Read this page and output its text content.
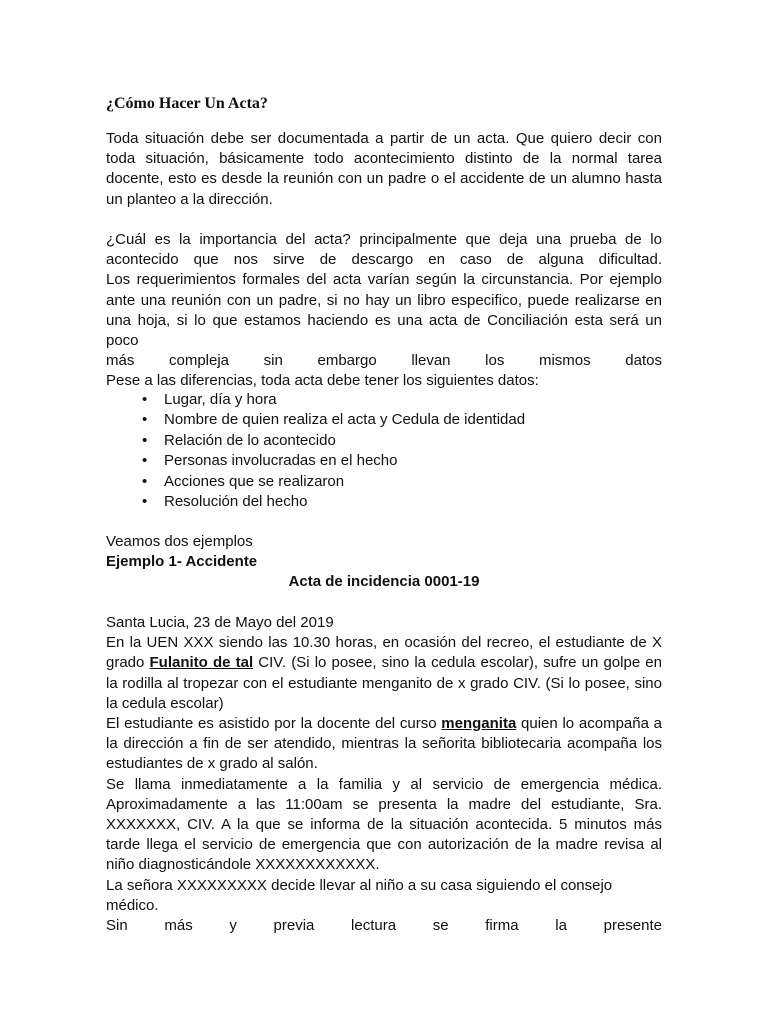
¿Cómo Hacer Un Acta?

Toda situación debe ser documentada a partir de un acta. Que quiero decir con toda situación, básicamente todo acontecimiento distinto de la normal tarea docente, esto es desde la reunión con un padre o el accidente de un alumno hasta un planteo a la dirección.

¿Cuál es la importancia del acta? principalmente que deja una prueba de lo
acontecido que nos sirve de descargo en caso de alguna dificultad.
Los requerimientos formales del acta varían según la circunstancia. Por ejemplo
ante una reunión con un padre, si no hay un libro especifico, puede realizarse en
una hoja, si lo que estamos haciendo es una acta de Conciliación esta será un poco
más compleja sin embargo llevan los mismos datos
Pese a las diferencias, toda acta debe tener los siguientes datos:
• Lugar, día y hora
• Nombre de quien realiza el acta y Cedula de identidad
• Relación de lo acontecido
• Personas involucradas en el hecho
• Acciones que se realizaron
• Resolución del hecho
Veamos dos ejemplos
Ejemplo 1- Accidente
Acta de incidencia 0001-19
Santa Lucia, 23 de Mayo del 2019
En la UEN XXX siendo las 10.30 horas, en ocasión del recreo, el estudiante de X grado Fulanito de tal CIV. (Si lo posee, sino la cedula escolar), sufre un golpe en la rodilla al tropezar con el estudiante menganito de x grado CIV. (Si lo posee, sino la cedula escolar)
El estudiante es asistido por la docente del curso menganita quien lo acompaña a la dirección a fin de ser atendido, mientras la señorita bibliotecaria acompaña los estudiantes de x grado al salón.
Se llama inmediatamente a la familia y al servicio de emergencia médica. Aproximadamente a las 11:00am se presenta la madre del estudiante, Sra. XXXXXXX, CIV. A la que se informa de la situación acontecida. 5 minutos más tarde llega el servicio de emergencia que con autorización de la madre revisa al niño diagnosticándole XXXXXXXXXXXX.
La señora XXXXXXXXX decide llevar al niño a su casa siguiendo el consejo médico.
Sin más y previa lectura se firma la presente
